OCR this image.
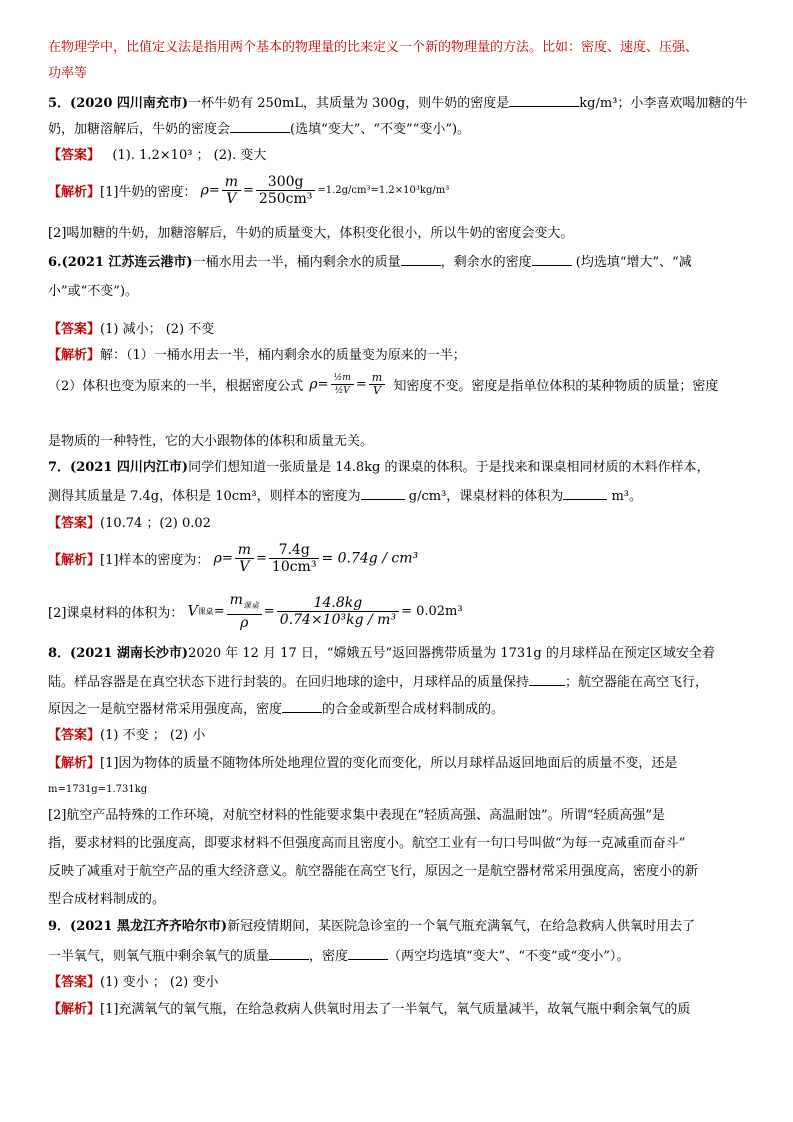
在物理学中，比值定义法是指用两个基本的物理量的比来定义一个新的物理量的方法。比如：密度、速度、压强、
功率等
5．(2020 四川南充市)一杯牛奶有 250mL，其质量为 300g，则牛奶的密度是	kg/m³；小李喜欢喝加糖的牛
奶，加糖溶解后，牛奶的密度会	(选填“变大”、“不变”“变小”)。
【答案】 (1). 1.2×10³ ； (2). 变大
【解析】[1]牛奶的密度： $\rho= \frac{m}{V} = \frac{300g}{\text{250cm³}} =1.2g/cm^3=1.2\times 10^3kg/m^3$
[2]喝加糖的牛奶，加糖溶解后，牛奶的质量变大，体积变化很小，所以牛奶的密度会变大。
6.(2021 江苏连云港市)一桶水用去一半，桶内剩余水的质量	，剩余水的密度	(均选填“增大”、“减
小”或“不变”)。
【答案】(1) 减小； (2) 不变
【解析】解：（1）一桶水用去一半，桶内剩余水的质量变为原来的一半；
（2）体积也变为原来的一半，根据密度公式 $\rho= \frac{\text{½m}}{\text{½V}} = \frac{m}{V}$ 知密度不变。密度是指单位体积的某种物质的质量；密度
是物质的一种特性，它的大小跟物体的体积和质量无关。
7．(2021 四川内江市)同学们想知道一张质量是 14.8kg 的课桌的体积。于是找来和课桌相同材质的木料作样本，
测得其质量是 7.4g，体积是 10cm³，则样本的密度为	g/cm³，课桌材料的体积为	m³。
【答案】(10.74 ；(2) 0.02
【解析】[1]样本的密度为： $\rho= \frac{m}{V} = \frac{7.4g}{\text{10cm³}} = 0.74g / cm^3$
[2]课桌材料的体积为： V课桌= $\frac{m_{课桌}}{\rho} = \frac{14.8kg}{\text{0.74×10³kg / m³}} = 0.02m^3$
8．(2021 湖南长沙市)2020 年 12 月 17 日，“嫦娥五号”返回器携带质量为 1731g 的月球样品在预定区域安全着
陆。样品容器是在真空状态下进行封装的。在回归地球的途中，月球样品的质量保持	；航空器能在高空飞行，
原因之一是航空器材常采用强度高，密度	的合金或新型合成材料制成的。
【答案】(1) 不变 ； (2) 小
【解析】[1]因为物体的质量不随物体所处地理位置的变化而变化，所以月球样品返回地面后的质量不变，还是
m=1731g=1.731kg
[2]航空产品特殊的工作环境，对航空材料的性能要求集中表现在“轻质高强、高温耐蚀”。所谓“轻质高强”是
指，要求材料的比强度高，即要求材料不但强度高而且密度小。航空工业有一句口号叫做“为每一克减重而奋斗”
反映了减重对于航空产品的重大经济意义。航空器能在高空飞行，原因之一是航空器材常采用强度高，密度小的新
型合成材料制成的。
9．(2021 黑龙江齐齐哈尔市)新冠疫情期间，某医院急诊室的一个氧气瓶充满氧气，在给急救病人供氧时用去了
一半氧气，则氧气瓶中剩余氧气的质量	，密度	（两空均选填“变大”、“不变”或“变小”）。
【答案】(1) 变小 ； (2) 变小
【解析】[1]充满氧气的氧气瓶，在给急救病人供氧时用去了一半氧气，氧气质量减半，故氧气瓶中剩余氧气的质
